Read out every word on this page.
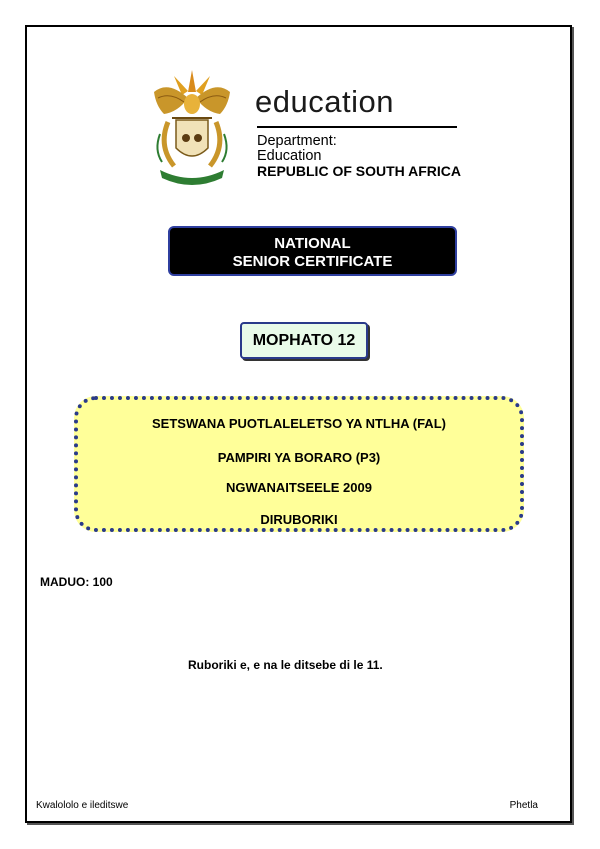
education
Department:
Education
REPUBLIC OF SOUTH AFRICA
NATIONAL
SENIOR CERTIFICATE
MOPHATO 12
SETSWANA PUOTLALELETSO YA NTLHA (FAL)
PAMPIRI YA BORARO (P3)
NGWANAITSEELE 2009
DIRUBORIKI
MADUO: 100
Ruboriki e, e na le ditsebe di le 11.
Kwalololo e ileditswe	Phetla
